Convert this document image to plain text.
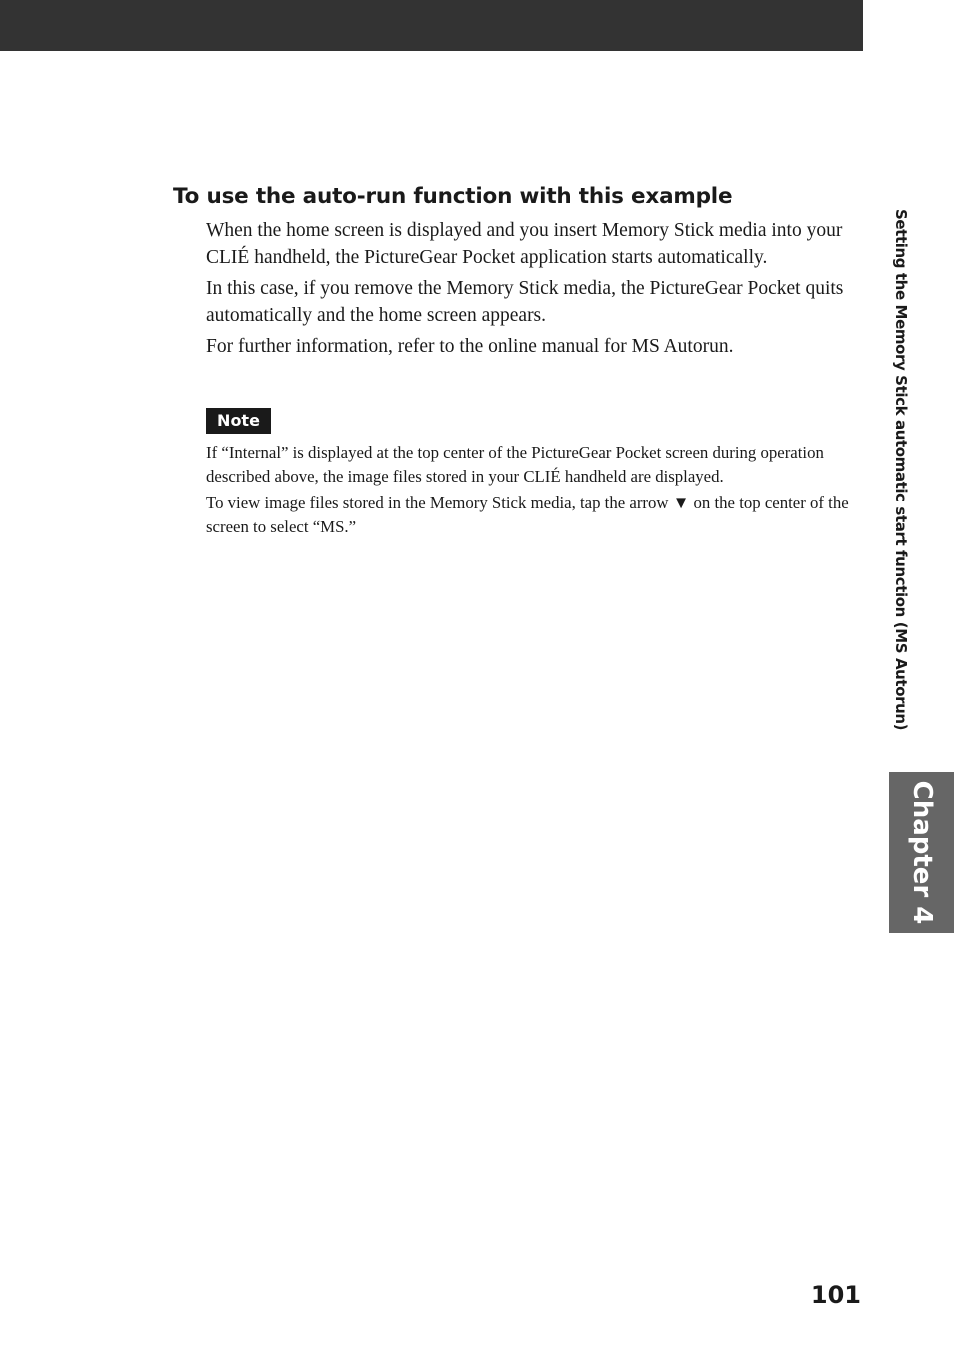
To use the auto-run function with this example

When the home screen is displayed and you insert Memory Stick media into your CLIÉ handheld, the PictureGear Pocket application starts automatically.

In this case, if you remove the Memory Stick media, the PictureGear Pocket quits automatically and the home screen appears.

For further information, refer to the online manual for MS Autorun.

Note

If “Internal” is displayed at the top center of the PictureGear Pocket screen during operation described above, the image files stored in your CLIÉ handheld are displayed.

To view image files stored in the Memory Stick media, tap the arrow ▼ on the top center of the screen to select “MS.”	Setting the Memory Stick automatic start function (MS Autorun)
Chapter 4
101
